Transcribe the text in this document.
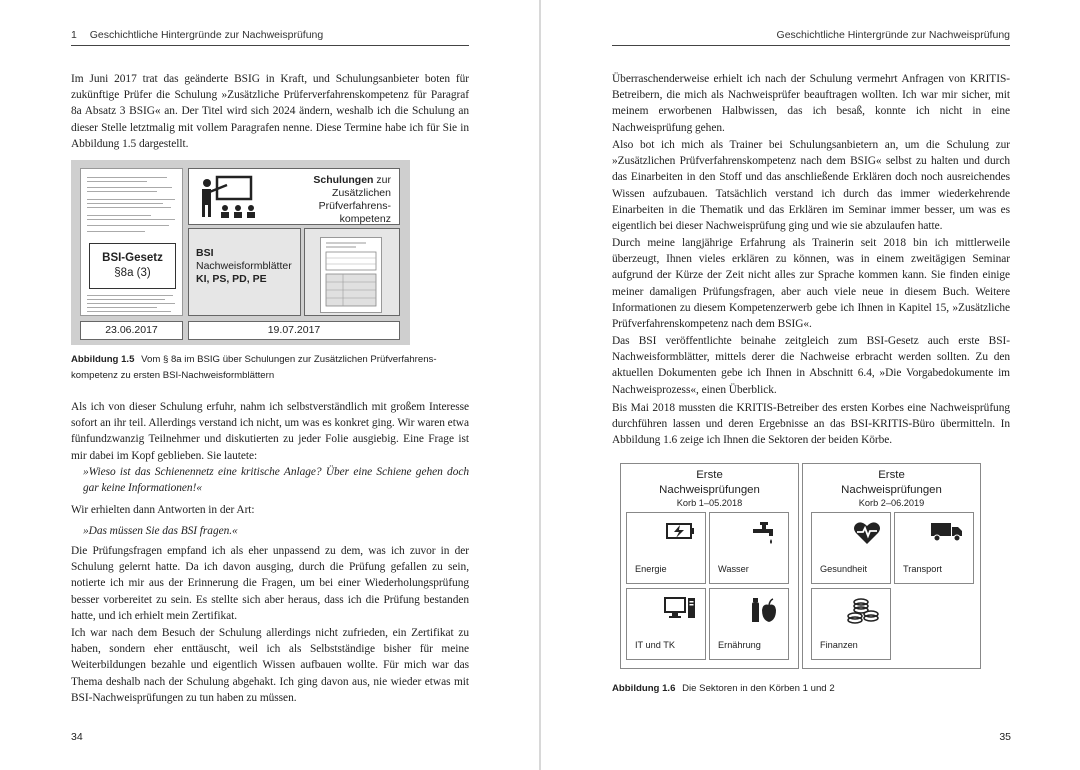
1 Geschichtliche Hintergründe zur Nachweisprüfung

Im Juni 2017 trat das geänderte BSIG in Kraft, und Schulungsanbieter boten für zukünftige Prüfer die Schulung »Zusätzliche Prüferverfahrenskompetenz für Paragraf 8a Absatz 3 BSIG« an. Der Titel wird sich 2024 ändern, weshalb ich die Schulung an dieser Stelle letztmalig mit vollem Paragrafen nenne. Diese Termine habe ich für Sie in Abbildung 1.5 dargestellt.

BSI-Gesetz
§8a (3)
Schulungen zur
Zusätzlichen
Prüfverfahrens-
kompetenz
BSI
Nachweisformblätter
KI, PS, PD, PE
23.06.2017	19.07.2017
Abbildung 1.5 Vom § 8a im BSIG über Schulungen zur Zusätzlichen Prüfverfahrens-kompetenz zu ersten BSI-Nachweisformblättern

Als ich von dieser Schulung erfuhr, nahm ich selbstverständlich mit großem Interesse sofort an ihr teil. Allerdings verstand ich nicht, um was es konkret ging. Wir waren etwa fünfundzwanzig Teilnehmer und diskutierten zu jeder Folie ausgiebig. Eine Frage ist mir dabei im Kopf geblieben. Sie lautete:

»Wieso ist das Schienennetz eine kritische Anlage? Über eine Schiene gehen doch gar keine Informationen!«

Wir erhielten dann Antworten in der Art:

»Das müssen Sie das BSI fragen.«

Die Prüfungsfragen empfand ich als eher unpassend zu dem, was ich zuvor in der Schulung gelernt hatte. Da ich davon ausging, durch die Prüfung gefallen zu sein, notierte ich mir aus der Erinnerung die Fragen, um bei einer Wiederholungsprüfung besser vorbereitet zu sein. Es stellte sich aber heraus, dass ich die Prüfung bestanden hatte, und ich erhielt mein Zertifikat.

Ich war nach dem Besuch der Schulung allerdings nicht zufrieden, ein Zertifikat zu haben, sondern eher enttäuscht, weil ich als Selbstständige bisher für meine Weiterbildungen bezahle und eigentlich Wissen aufbauen wollte. Für mich war das Thema deshalb nach der Schulung abgehakt. Ich ging davon aus, nie wieder etwas mit BSI-Nachweisprüfungen zu tun haben zu müssen.

34
Geschichtliche Hintergründe zur Nachweisprüfung

Überraschenderweise erhielt ich nach der Schulung vermehrt Anfragen von KRITIS-Betreibern, die mich als Nachweisprüfer beauftragen wollten. Ich war mir sicher, mit meinem erworbenen Halbwissen, das ich besaß, konnte ich nicht in eine Nachweisprüfung gehen.

Also bot ich mich als Trainer bei Schulungsanbietern an, um die Schulung zur »Zusätzlichen Prüfverfahrenskompetenz nach dem BSIG« selbst zu halten und durch das Einarbeiten in den Stoff und das anschließende Erklären doch noch ausreichendes Wissen aufzubauen. Tatsächlich verstand ich durch das immer wiederkehrende Einarbeiten in die Thematik und das Erklären im Seminar immer besser, um was es eigentlich bei dieser Nachweisprüfung ging und wie sie abzulaufen hatte.

Durch meine langjährige Erfahrung als Trainerin seit 2018 bin ich mittlerweile überzeugt, Ihnen vieles erklären zu können, was in einem zweitägigen Seminar aufgrund der Kürze der Zeit nicht alles zur Sprache kommen kann. Sie finden einige meiner damaligen Prüfungsfragen, aber auch viele neue in diesem Buch. Weitere Informationen zu diesem Kompetenzerwerb gebe ich Ihnen in Kapitel 15, »Zusätzliche Prüfverfahrenskompetenz nach dem BSIG«.

Das BSI veröffentlichte beinahe zeitgleich zum BSI-Gesetz auch erste BSI-Nachweisformblätter, mittels derer die Nachweise erbracht werden sollten. Zu den aktuellen Dokumenten gebe ich Ihnen in Abschnitt 6.4, »Die Vorgabedokumente im Nachweisprozess«, einen Überblick.

Bis Mai 2018 mussten die KRITIS-Betreiber des ersten Korbes eine Nachweisprüfung durchführen lassen und deren Ergebnisse an das BSI-KRITIS-Büro übermitteln. In Abbildung 1.6 zeige ich Ihnen die Sektoren der beiden Körbe.

Erste
Nachweisprüfungen
Korb 1–05.2018
Energie	Wasser
IT und TK	Ernährung
Erste
Nachweisprüfungen
Korb 2–06.2019
Gesundheit	Transport
Finanzen
Abbildung 1.6 Die Sektoren in den Körben 1 und 2
35
